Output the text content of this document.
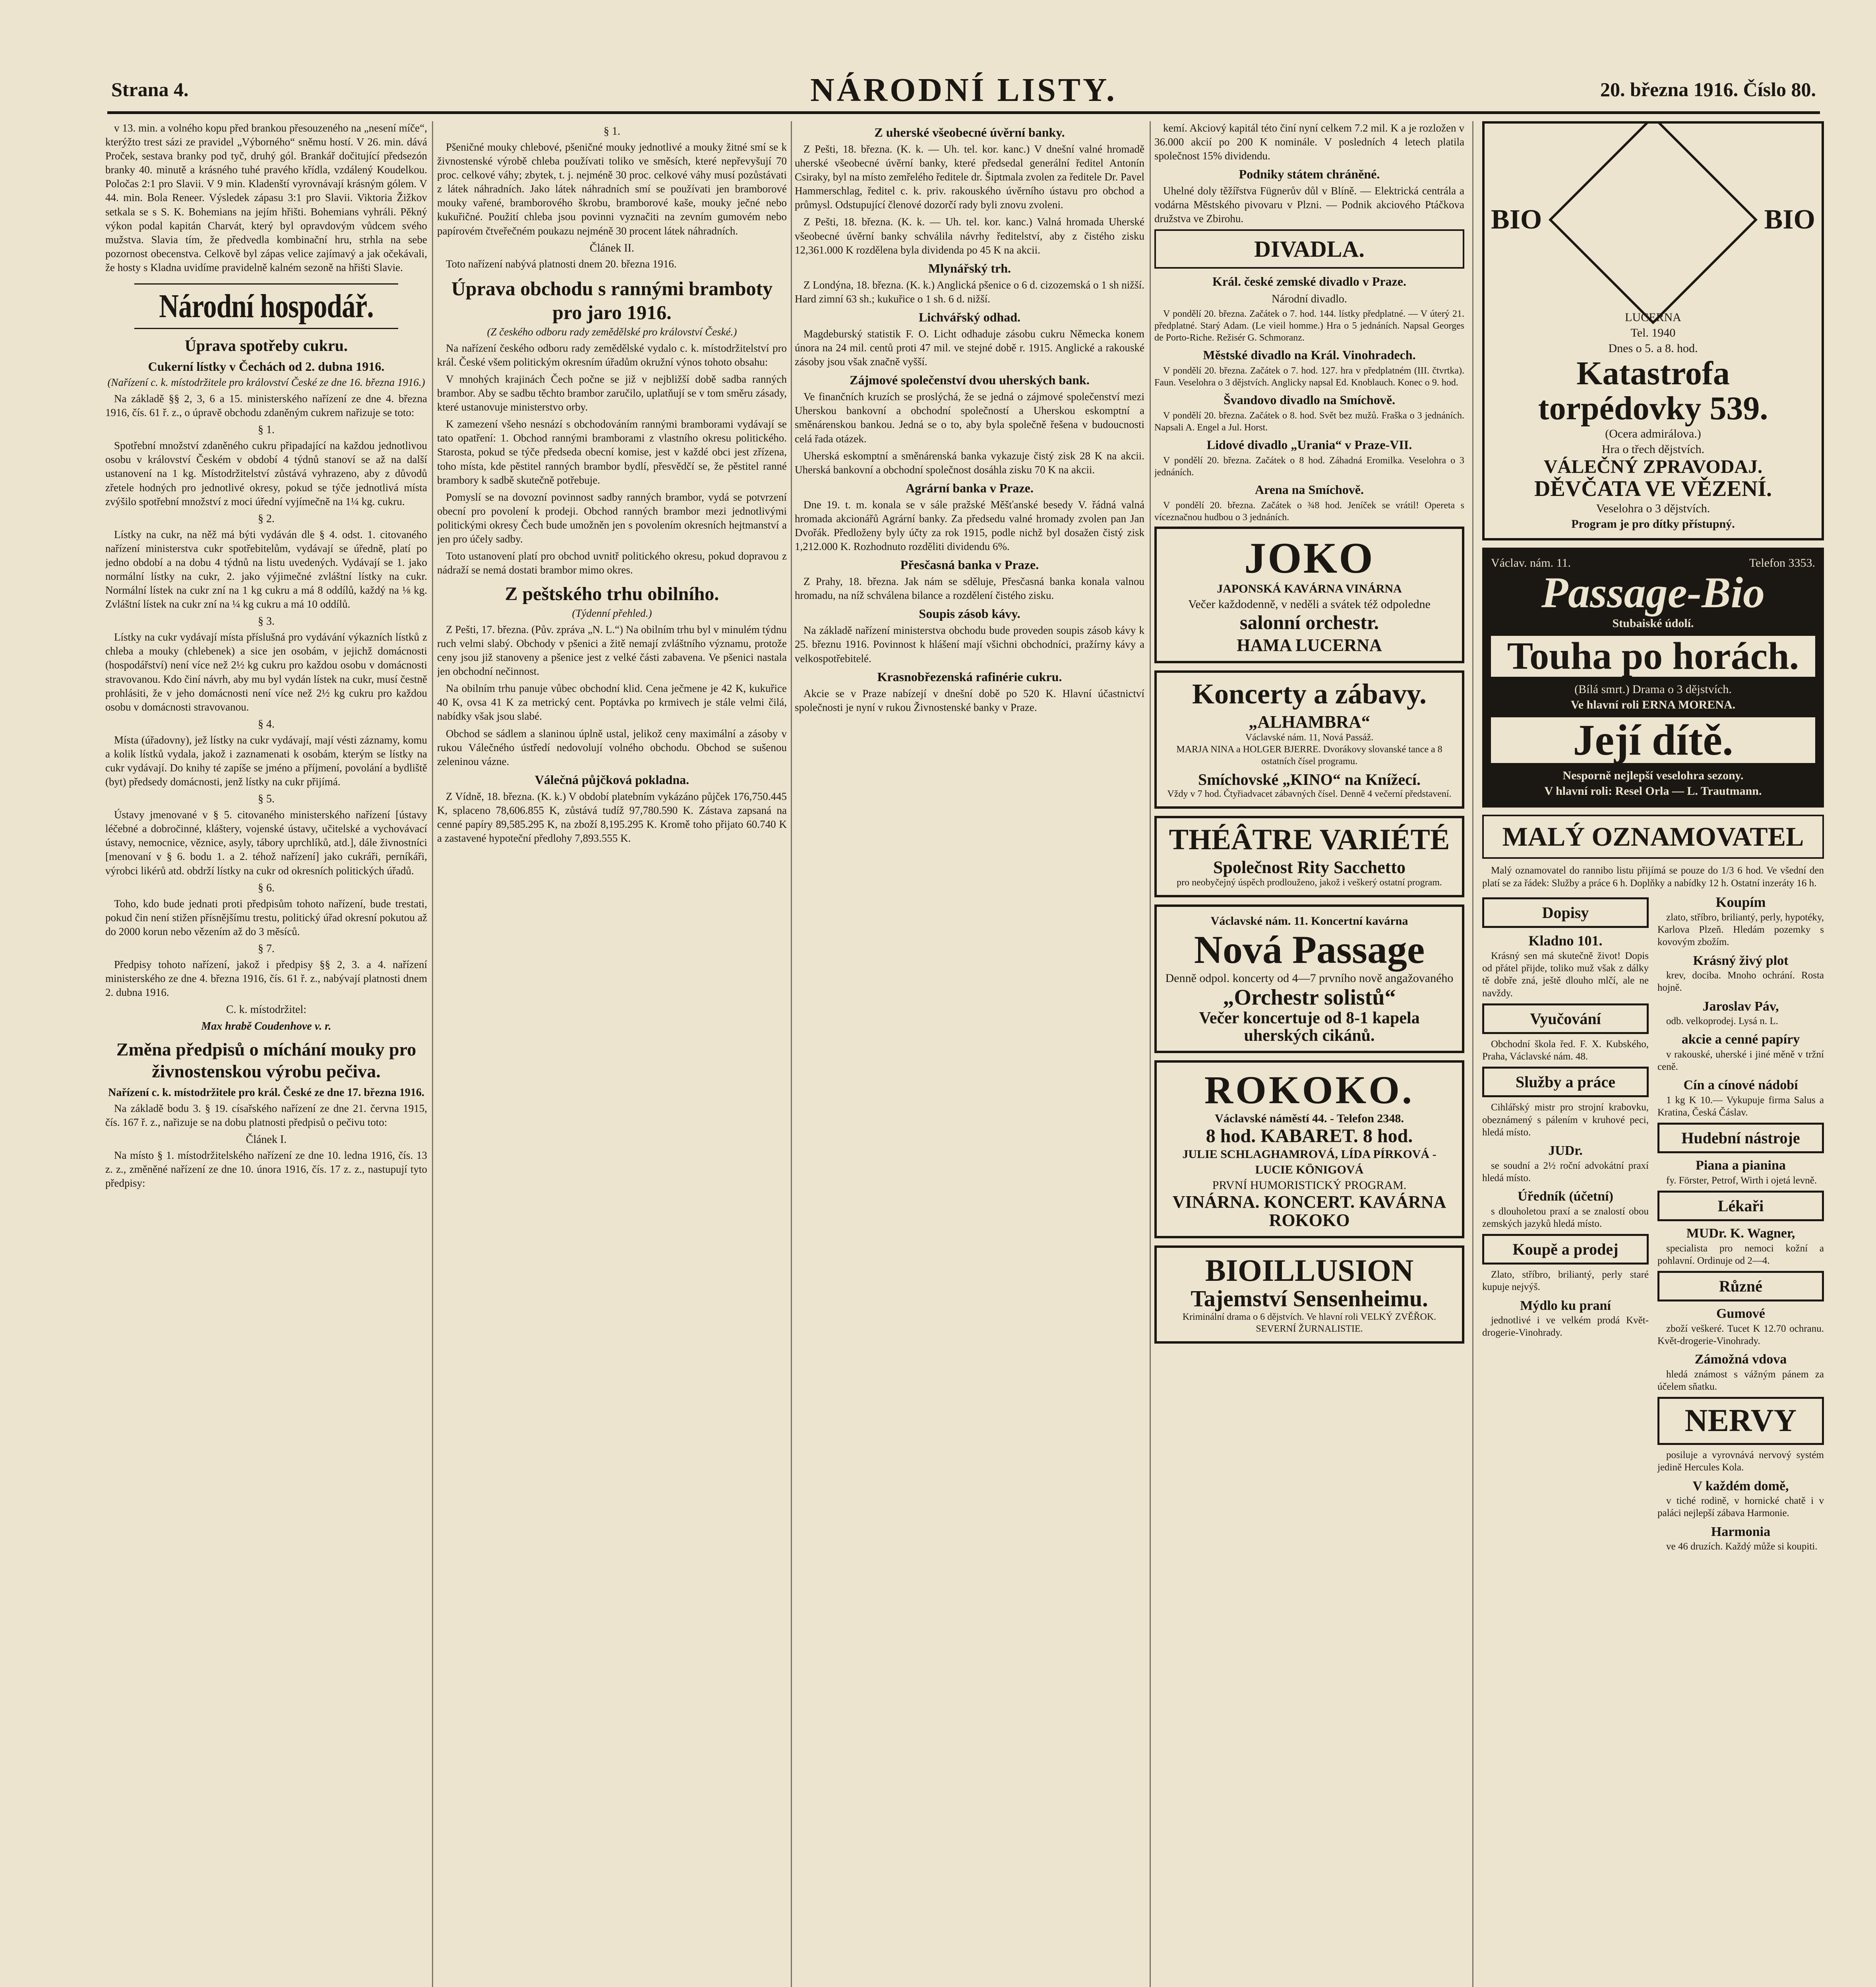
Strana 4.	NÁRODNÍ LISTY.	20. března 1916. Číslo 80.

v 13. min. a volného kopu před brankou přesouzeného na „nesení míče“, kterýžto trest sázi ze pravidel „Výborného“ sněmu hostí. V 26. min. dává Proček, sestava branky pod tyč, druhý gól. Brankář dočitující předsezón branky 40. minutě a krásného tuhé pravého křídla, vzdálený Koudelkou. Poločas 2:1 pro Slavii. V 9 min. Kladenští vyrovnávají krásným gólem. V 44. min. Bola Reneer. Výsledek zápasu 3:1 pro Slavii. Viktoria Žižkov setkala se s S. K. Bohemians na jejím hřišti. Bohemians vyhráli. Pěkný výkon podal kapitán Charvát, který byl opravdovým vůdcem svého mužstva. Slavia tím, že předvedla kombinační hru, strhla na sebe pozornost obecenstva. Celkově byl zápas velice zajímavý a jak očekávali, že hosty s Kladna uvidíme pravidelně kalném sezoně na hřišti Slavie.

Národní hospodář.
Úprava spotřeby cukru.
Cukerní lístky v Čechách od 2. dubna 1916.
(Nařízení c. k. místodržitele pro království České ze dne 16. března 1916.)

Na základě §§ 2, 3, 6 a 15. ministerského nařízení ze dne 4. března 1916, čís. 61 ř. z., o úpravě obchodu zdaněným cukrem nařizuje se toto:

§ 1.

Spotřební množství zdaněného cukru připadající na každou jednotlivou osobu v království Českém v období 4 týdnů stanoví se až na další ustanovení na 1 kg. Místodržitelství zůstává vyhrazeno, aby z důvodů zřetele hodných pro jednotlivé okresy, pokud se týče jednotlivá místa zvýšilo spotřební množství z moci úřední vyjímečně na 1¼ kg. cukru.

§ 2.

Lístky na cukr, na něž má býti vydáván dle § 4. odst. 1. citovaného nařízení ministerstva cukr spotřebitelům, vydávají se úředně, platí po jedno období a na dobu 4 týdnů na listu uvedených. Vydávají se 1. jako normální lístky na cukr, 2. jako výjimečné zvláštní lístky na cukr. Normální lístek na cukr zní na 1 kg cukru a má 8 oddílů, každý na ⅛ kg. Zvláštní lístek na cukr zní na ¼ kg cukru a má 10 oddílů.

§ 3.

Lístky na cukr vydávají místa příslušná pro vydávání výkazních lístků z chleba a mouky (chlebenek) a sice jen osobám, v jejichž domácnosti (hospodářství) není více než 2½ kg cukru pro každou osobu v domácnosti stravovanou. Kdo činí návrh, aby mu byl vydán lístek na cukr, musí čestně prohlásiti, že v jeho domácnosti není více než 2½ kg cukru pro každou osobu v domácnosti stravovanou.

§ 4.

Místa (úřadovny), jež lístky na cukr vydávají, mají vésti záznamy, komu a kolik lístků vydala, jakož i zaznamenati k osobám, kterým se lístky na cukr vydávají. Do knihy té zapíše se jméno a příjmení, povolání a bydliště (byt) předsedy domácnosti, jenž lístky na cukr přijímá.

§ 5.

Ústavy jmenované v § 5. citovaného ministerského nařízení [ústavy léčebné a dobročinné, kláštery, vojenské ústavy, učitelské a vychovávací ústavy, nemocnice, věznice, asyly, tábory uprchlíků, atd.], dále živnostníci [menovaní v § 6. bodu 1. a 2. téhož nařízení] jako cukráři, perníkáři, výrobci likérů atd. obdrží lístky na cukr od okresních politických úřadů.

§ 6.

Toho, kdo bude jednati proti předpisům tohoto nařízení, bude trestati, pokud čin není stižen přísnějšímu trestu, politický úřad okresní pokutou až do 2000 korun nebo vězením až do 3 měsíců.

§ 7.

Předpisy tohoto nařízení, jakož i předpisy §§ 2, 3. a 4. nařízení ministerského ze dne 4. března 1916, čís. 61 ř. z., nabývají platnosti dnem 2. dubna 1916.

C. k. místodržitel:
Max hrabě Coudenhove v. r.
Změna předpisů o míchání mouky pro živnostenskou výrobu pečiva.
Nařízení c. k. místodržitele pro král. České ze dne 17. března 1916.

Na základě bodu 3. § 19. císařského nařízení ze dne 21. června 1915, čís. 167 ř. z., nařizuje se na dobu platnosti předpisů o pečivu toto:

Článek I.

Na místo § 1. místodržitelského nařízení ze dne 10. ledna 1916, čís. 13 z. z., změněné nařízení ze dne 10. února 1916, čís. 17 z. z., nastupují tyto předpisy:

§ 1.

Pšeničné mouky chlebové, pšeničné mouky jednotlivé a mouky žitné smí se k živnostenské výrobě chleba používati toliko ve směsích, které nepřevyšují 70 proc. celkové váhy; zbytek, t. j. nejméně 30 proc. celkové váhy musí pozůstávati z látek náhradních. Jako látek náhradních smí se používati jen bramborové mouky vařené, bramborového škrobu, bramborové kaše, mouky ječné nebo kukuřičné. Použití chleba jsou povinni vyznačiti na zevním gumovém nebo papírovém čtveřečném poukazu nejméně 30 procent látek náhradních.

Článek II.

Toto nařízení nabývá platnosti dnem 20. března 1916.

Úprava obchodu s rannými bramboty pro jaro 1916.
(Z českého odboru rady zemědělské pro království České.)

Na nařízení českého odboru rady zemědělské vydalo c. k. místodržitelství pro král. České všem politickým okresním úřadům okružní výnos tohoto obsahu:

V mnohých krajinách Čech počne se již v nejbližší době sadba ranných brambor. Aby se sadbu těchto brambor zaručilo, uplatňují se v tom směru zásady, které ustanovuje ministerstvo orby.

K zamezení všeho nesnází s obchodováním rannými bramborami vydávají se tato opatření: 1. Obchod rannými bramborami z vlastního okresu politického. Starosta, pokud se týče předseda obecní komise, jest v každé obci jest zřízena, toho místa, kde pěstitel ranných brambor bydlí, přesvědčí se, že pěstitel ranné brambory k sadbě skutečně potřebuje.

Pomyslí se na dovozní povinnost sadby ranných brambor, vydá se potvrzení obecní pro povolení k prodeji. Obchod ranných brambor mezi jednotlivými politickými okresy Čech bude umožněn jen s povolením okresních hejtmanství a jen pro účely sadby.

Toto ustanovení platí pro obchod uvnitř politického okresu, pokud dopravou z nádraží se nemá dostati brambor mimo okres.

Z peštského trhu obilního.
(Týdenní přehled.)

Z Pešti, 17. března. (Pův. zpráva „N. L.“) Na obilním trhu byl v minulém týdnu ruch velmi slabý. Obchody v pšenici a žitě nemají zvláštního významu, protože ceny jsou již stanoveny a pšenice jest z velké části zabavena. Ve pšenici nastala jen obchodní nečinnost.

Na obilním trhu panuje vůbec obchodní klid. Cena ječmene je 42 K, kukuřice 40 K, ovsa 41 K za metrický cent. Poptávka po krmivech je stále velmi čilá, nabídky však jsou slabé.

Obchod se sádlem a slaninou úplně ustal, jelikož ceny maximální a zásoby v rukou Válečného ústředí nedovolují volného obchodu. Obchod se sušenou zeleninou vázne.

Válečná půjčková pokladna.

Z Vídně, 18. března. (K. k.) V období platebním vykázáno půjček 176,750.445 K, splaceno 78,606.855 K, zůstává tudíž 97,780.590 K. Zástava zapsaná na cenné papíry 89,585.295 K, na zboží 8,195.295 K. Kromě toho přijato 60.740 K a zastavené hypoteční předlohy 7,893.555 K.

Z uherské všeobecné úvěrní banky.

Z Pešti, 18. března. (K. k. — Uh. tel. kor. kanc.) V dnešní valné hromadě uherské všeobecné úvěrní banky, které předsedal generální ředitel Antonín Csiraky, byl na místo zemřelého ředitele dr. Šiptmala zvolen za ředitele Dr. Pavel Hammerschlag, ředitel c. k. priv. rakouského úvěrního ústavu pro obchod a průmysl. Odstupující členové dozorčí rady byli znovu zvoleni.

Z Pešti, 18. března. (K. k. — Uh. tel. kor. kanc.) Valná hromada Uherské všeobecné úvěrní banky schválila návrhy ředitelství, aby z čistého zisku 12,361.000 K rozdělena byla dividenda po 45 K na akcii.

Mlynářský trh.

Z Londýna, 18. března. (K. k.) Anglická pšenice o 6 d. cizozemská o 1 sh nižší. Hard zimní 63 sh.; kukuřice o 1 sh. 6 d. nižší.

Lichvářský odhad.

Magdeburský statistik F. O. Licht odhaduje zásobu cukru Německa konem února na 24 mil. centů proti 47 mil. ve stejné době r. 1915. Anglické a rakouské zásoby jsou však značně vyšší.

Zájmové společenství dvou uherských bank.

Ve finančních kruzích se proslýchá, že se jedná o zájmové společenství mezi Uherskou bankovní a obchodní společností a Uherskou eskomptní a směnárenskou bankou. Jedná se o to, aby byla společně řešena v budoucnosti celá řada otázek.

Uherská eskomptní a směnárenská banka vykazuje čistý zisk 28 K na akcii. Uherská bankovní a obchodní společnost dosáhla zisku 70 K na akcii.

Agrární banka v Praze.

Dne 19. t. m. konala se v sále pražské Měšťanské besedy V. řádná valná hromada akcionářů Agrární banky. Za předsedu valné hromady zvolen pan Jan Dvořák. Předloženy byly účty za rok 1915, podle nichž byl dosažen čistý zisk 1,212.000 K. Rozhodnuto rozděliti dividendu 6%.

Přesčasná banka v Praze.

Z Prahy, 18. března. Jak nám se sděluje, Přesčasná banka konala valnou hromadu, na níž schválena bilance a rozdělení čistého zisku.

Soupis zásob kávy.

Na základě nařízení ministerstva obchodu bude proveden soupis zásob kávy k 25. březnu 1916. Povinnost k hlášení mají všichni obchodníci, pražírny kávy a velkospotřebitelé.

Krasnobřezenská rafinérie cukru.

Akcie se v Praze nabízejí v dnešní době po 520 K. Hlavní účastnictví společnosti je nyní v rukou Živnostenské banky v Praze.

kemí. Akciový kapitál této činí nyní celkem 7.2 mil. K a je rozložen v 36.000 akcií po 200 K nominále. V posledních 4 letech platila společnost 15% dividendu.

Podniky státem chráněné.

Uhelné doly těžířstva Fügnerův důl v Blíně. — Elektrická centrála a vodárna Městského pivovaru v Plzni. — Podnik akciového Ptáčkova družstva ve Zbirohu.

DIVADLA.
Král. české zemské divadlo v Praze.
Národní divadlo.

V pondělí 20. března. Začátek o 7. hod. 144. lístky předplatné. — V úterý 21. předplatné. Starý Adam. (Le vieil homme.) Hra o 5 jednáních. Napsal Georges de Porto-Riche. Režisér G. Schmoranz.

Městské divadlo na Král. Vinohradech.

V pondělí 20. března. Začátek o 7. hod. 127. hra v předplatném (III. čtvrtka). Faun. Veselohra o 3 dějstvích. Anglicky napsal Ed. Knoblauch. Konec o 9. hod.

Švandovo divadlo na Smíchově.

V pondělí 20. března. Začátek o 8. hod. Svět bez mužů. Fraška o 3 jednáních. Napsali A. Engel a Jul. Horst.

Lidové divadlo „Urania“ v Praze-VII.

V pondělí 20. března. Začátek o 8 hod. Záhadná Eromilka. Veselohra o 3 jednáních.

Arena na Smíchově.

V pondělí 20. března. Začátek o ¾8 hod. Jeníček se vrátil! Opereta s víceznačnou hudbou o 3 jednáních.

JOKO
JAPONSKÁ KAVÁRNA VINÁRNA
Večer každodenně, v neděli a svátek též odpoledne
salonní orchestr.
HAMA LUCERNA
Koncerty a zábavy.
„ALHAMBRA“
Václavské nám. 11, Nová Passáž.
MARJA NINA a HOLGER BJERRE. Dvorákovy slovanské tance a 8 ostatních čísel programu.
Smíchovské „KINO“ na Knížecí.
Vždy v 7 hod. Čtyřiadvacet zábavných čísel. Denně 4 večerní představení.
THÉÂTRE VARIÉTÉ
Společnost Rity Sacchetto
pro neobyčejný úspěch prodlouženo, jakož i veškerý ostatní program.
Václavské nám. 11. Koncertní kavárna
Nová Passage
Denně odpol. koncerty od 4—7 prvního nově angažovaného
„Orchestr solistů“
Večer koncertuje od 8-1 kapela uherských cikánů.
ROKOKO.
Václavské náměstí 44. - Telefon 2348.
8 hod. KABARET. 8 hod.
JULIE SCHLAGHAMROVÁ, LÍDA PÍRKOVÁ - LUCIE KÖNIGOVÁ
PRVNÍ HUMORISTICKÝ PROGRAM.
VINÁRNA. KONCERT. KAVÁRNA ROKOKO
BIOILLUSION
Tajemství Sensenheimu.
Kriminální drama o 6 dějstvích. Ve hlavní roli VELKÝ ZVĚŘOK. SEVERNÍ ŽURNALISTIE.
BIO	BIO
LUCERNA
Tel. 1940
Dnes o 5. a 8. hod.
Katastrofa torpédovky 539.
(Ocera admirálova.)
Hra o třech dějstvích.
VÁLEČNÝ ZPRAVODAJ.
DĚVČATA VE VĚZENÍ.
Veselohra o 3 dějstvích.
Program je pro dítky přístupný.
Václav. nám. 11.	Telefon 3353.
Passage-Bio
Stubaiské údolí.
Touha po horách.
(Bílá smrt.) Drama o 3 dějstvích.
Ve hlavní roli ERNA MORENA.
Její dítě.
Nesporně nejlepší veselohra sezony.
V hlavní roli: Resel Orla — L. Trautmann.
MALÝ OZNAMOVATEL

Malý oznamovatel do rannibo listu přijímá se pouze do 1/3 6 hod. Ve všední den platí se za řádek: Služby a práce 6 h. Doplňky a nabídky 12 h. Ostatní inzeráty 16 h.

Dopisy
Kladno 101.

Krásný sen má skutečně život! Dopis od přátel přijde, toliko muž však z dálky tě dobře zná, ještě dlouho mlčí, ale ne navždy.

Vyučování

Obchodní škola řed. F. X. Kubského, Praha, Václavské nám. 48.

Služby a práce

Cihlářský mistr pro strojní krabovku, obeznámený s pálením v kruhové peci, hledá místo.

JUDr.

se soudní a 2½ roční advokátní praxí hledá místo.

Úředník (účetní)

s dlouholetou praxí a se znalostí obou zemských jazyků hledá místo.

Koupě a prodej

Zlato, stříbro, briliantý, perly staré kupuje nejvýš.

Mýdlo ku praní

jednotlivé i ve velkém prodá Květ-drogerie-Vinohrady.

Koupím

zlato, stříbro, briliantý, perly, hypotéky, Karlova Plzeň. Hledám pozemky s kovovým zbožím.

Krásný živý plot

krev, dociba. Mnoho ochrání. Rosta hojně.

Jaroslav Páv,

odb. velkoprodej. Lysá n. L.

akcie a cenné papíry

v rakouské, uherské i jiné měně v tržní ceně.

Cín a cínové nádobí

1 kg K 10.— Vykupuje firma Salus a Kratina, Česká Čáslav.

Hudební nástroje
Piana a pianina

fy. Förster, Petrof, Wirth i ojetá levně.

Lékaři
MUDr. K. Wagner,

specialista pro nemoci kožní a pohlavní. Ordinuje od 2—4.

Různé
Gumové

zboží veškeré. Tucet K 12.70 ochranu. Květ-drogerie-Vinohrady.

Zámožná vdova

hledá známost s vážným pánem za účelem sňatku.

NERVY

posiluje a vyrovnává nervový systém jedině Hercules Kola.

V každém domě,

v tiché rodině, v hornické chatě i v paláci nejlepší zábava Harmonie.

Harmonia

ve 46 druzích. Každý může si koupiti.
